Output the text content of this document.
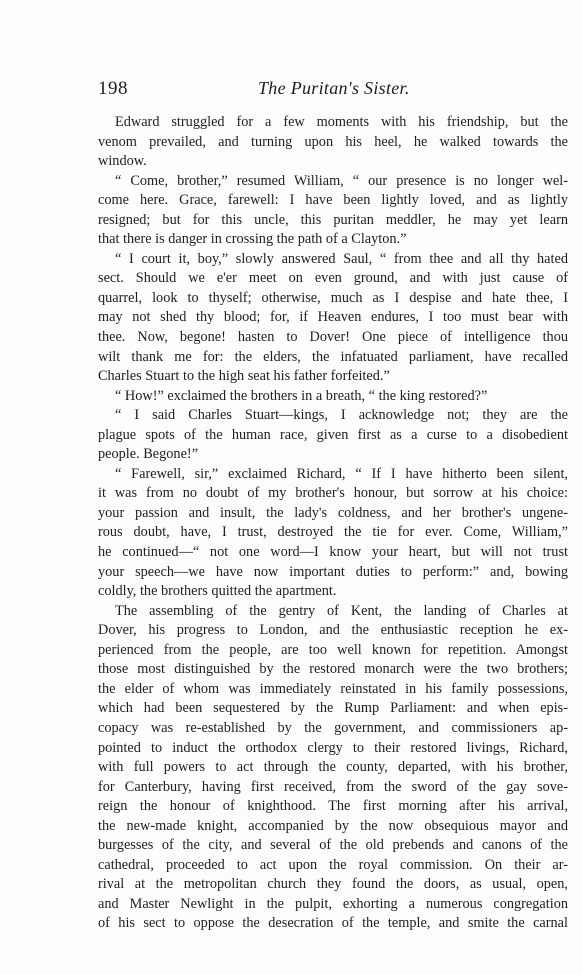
198	The Puritan's Sister.
Edward struggled for a few moments with his friendship, but the
venom prevailed, and turning upon his heel, he walked towards the
window.
“ Come, brother,” resumed William, “ our presence is no longer wel-
come here. Grace, farewell: I have been lightly loved, and as lightly
resigned; but for this uncle, this puritan meddler, he may yet learn
that there is danger in crossing the path of a Clayton.”
“ I court it, boy,” slowly answered Saul, “ from thee and all thy hated
sect. Should we e'er meet on even ground, and with just cause of
quarrel, look to thyself; otherwise, much as I despise and hate thee, I
may not shed thy blood; for, if Heaven endures, I too must bear with
thee. Now, begone! hasten to Dover! One piece of intelligence thou
wilt thank me for: the elders, the infatuated parliament, have recalled
Charles Stuart to the high seat his father forfeited.”
“ How!” exclaimed the brothers in a breath, “ the king restored?”
“ I said Charles Stuart—kings, I acknowledge not; they are the
plague spots of the human race, given first as a curse to a disobedient
people. Begone!”
“ Farewell, sir,” exclaimed Richard, “ If I have hitherto been silent,
it was from no doubt of my brother's honour, but sorrow at his choice:
your passion and insult, the lady's coldness, and her brother's ungene-
rous doubt, have, I trust, destroyed the tie for ever. Come, William,”
he continued—“ not one word—I know your heart, but will not trust
your speech—we have now important duties to perform:” and, bowing
coldly, the brothers quitted the apartment.
The assembling of the gentry of Kent, the landing of Charles at
Dover, his progress to London, and the enthusiastic reception he ex-
perienced from the people, are too well known for repetition. Amongst
those most distinguished by the restored monarch were the two brothers;
the elder of whom was immediately reinstated in his family possessions,
which had been sequestered by the Rump Parliament: and when epis-
copacy was re-established by the government, and commissioners ap-
pointed to induct the orthodox clergy to their restored livings, Richard,
with full powers to act through the county, departed, with his brother,
for Canterbury, having first received, from the sword of the gay sove-
reign the honour of knighthood. The first morning after his arrival,
the new-made knight, accompanied by the now obsequious mayor and
burgesses of the city, and several of the old prebends and canons of the
cathedral, proceeded to act upon the royal commission. On their ar-
rival at the metropolitan church they found the doors, as usual, open,
and Master Newlight in the pulpit, exhorting a numerous congregation
of his sect to oppose the desecration of the temple, and smite the carnal
